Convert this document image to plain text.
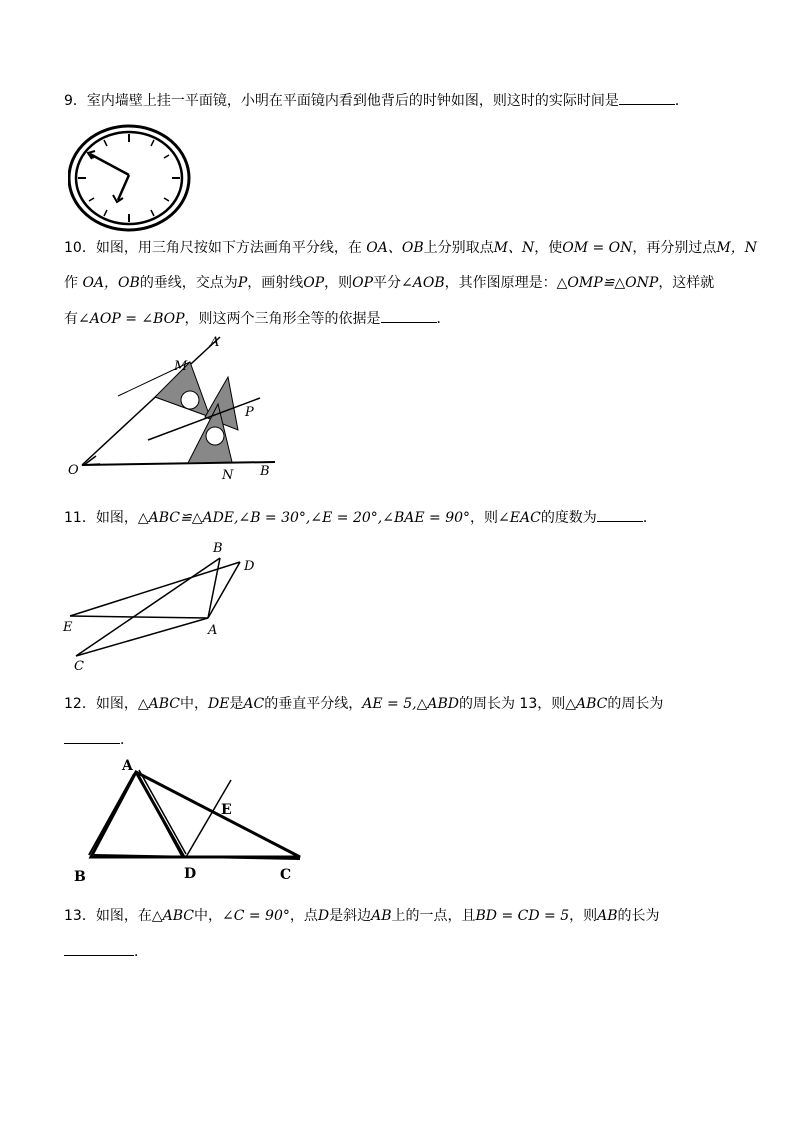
9．室内墙壁上挂一平面镜，小明在平面镜内看到他背后的时钟如图，则这时的实际时间是	．
10．如图，用三角尺按如下方法画角平分线，在 OA、OB上分别取点M、N，使OM = ON，再分别过点M，N
作 OA，OB的垂线，交点为P，画射线OP，则OP平分∠AOB，其作图原理是：△OMP≌△ONP，这样就
有∠AOP = ∠BOP，则这两个三角形全等的依据是	．
A
M
P
O	N B
11．如图，△ABC≌△ADE,∠B = 30°,∠E = 20°,∠BAE = 90°，则∠EAC的度数为	．
B
D
E	A
C
12．如图，△ABC中，DE是AC的垂直平分线，AE = 5,△ABD的周长为 13，则△ABC的周长为
．
A
E
B	D	C
13．如图，在△ABC中，∠C = 90°，点D是斜边AB上的一点，且BD = CD = 5，则AB的长为
．
